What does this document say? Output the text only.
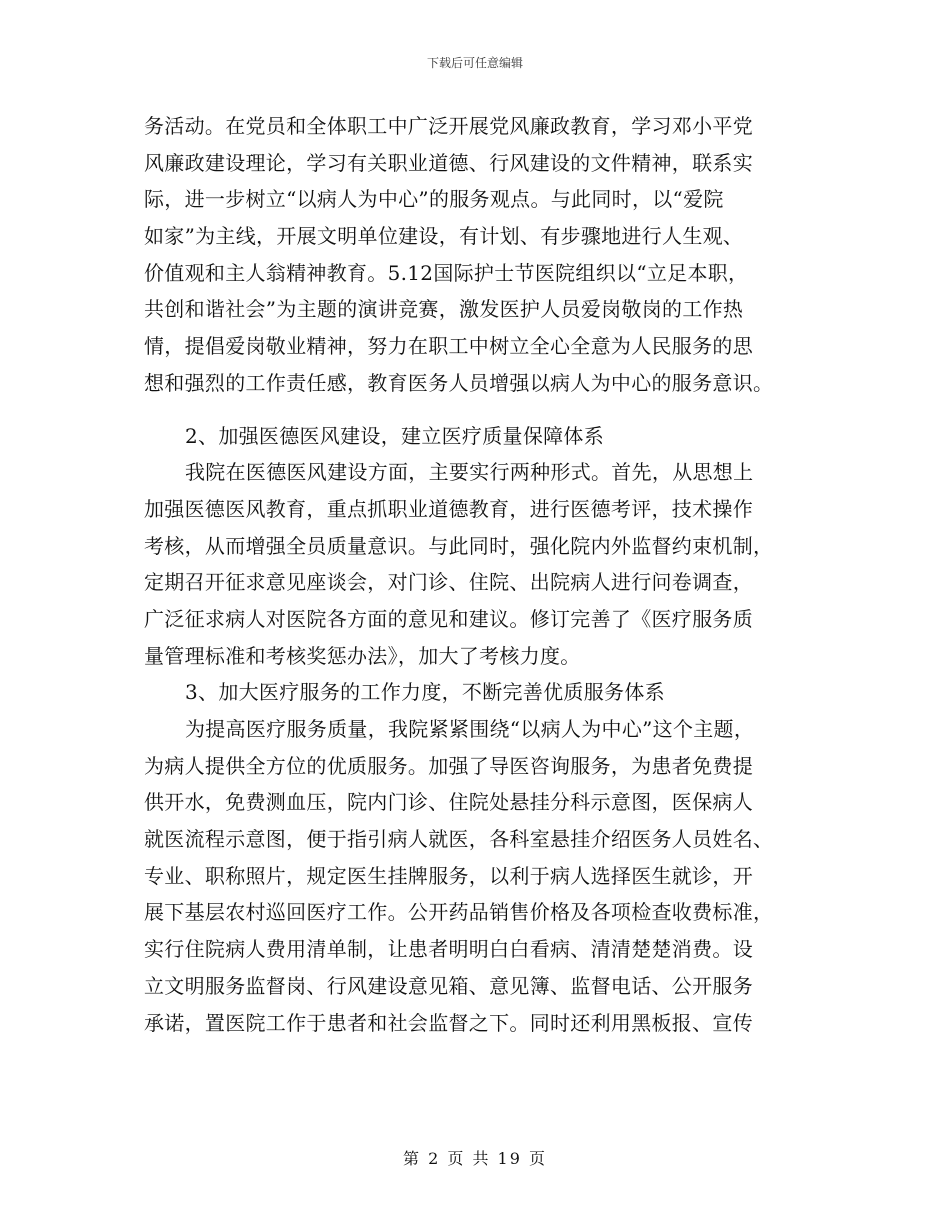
下载后可任意编辑
务活动。在党员和全体职工中广泛开展党风廉政教育，学习邓小平党
风廉政建设理论，学习有关职业道德、行风建设的文件精神，联系实
际，进一步树立“以病人为中心”的服务观点。与此同时，以“爱院
如家”为主线，开展文明单位建设，有计划、有步骤地进行人生观、
价值观和主人翁精神教育。5.12国际护士节医院组织以“立足本职，
共创和谐社会”为主题的演讲竞赛，激发医护人员爱岗敬岗的工作热
情，提倡爱岗敬业精神，努力在职工中树立全心全意为人民服务的思
想和强烈的工作责任感，教育医务人员增强以病人为中心的服务意识。
2、加强医德医风建设，建立医疗质量保障体系
我院在医德医风建设方面，主要实行两种形式。首先，从思想上
加强医德医风教育，重点抓职业道德教育，进行医德考评，技术操作
考核，从而增强全员质量意识。与此同时，强化院内外监督约束机制，
定期召开征求意见座谈会，对门诊、住院、出院病人进行问卷调查，
广泛征求病人对医院各方面的意见和建议。修订完善了《医疗服务质
量管理标准和考核奖惩办法》，加大了考核力度。
3、加大医疗服务的工作力度，不断完善优质服务体系
为提高医疗服务质量，我院紧紧围绕“以病人为中心”这个主题，
为病人提供全方位的优质服务。加强了导医咨询服务，为患者免费提
供开水，免费测血压，院内门诊、住院处悬挂分科示意图，医保病人
就医流程示意图，便于指引病人就医，各科室悬挂介绍医务人员姓名、
专业、职称照片，规定医生挂牌服务，以利于病人选择医生就诊，开
展下基层农村巡回医疗工作。公开药品销售价格及各项检查收费标准，
实行住院病人费用清单制，让患者明明白白看病、清清楚楚消费。设
立文明服务监督岗、行风建设意见箱、意见簿、监督电话、公开服务
承诺，置医院工作于患者和社会监督之下。同时还利用黑板报、宣传
第 2 页 共 19 页
